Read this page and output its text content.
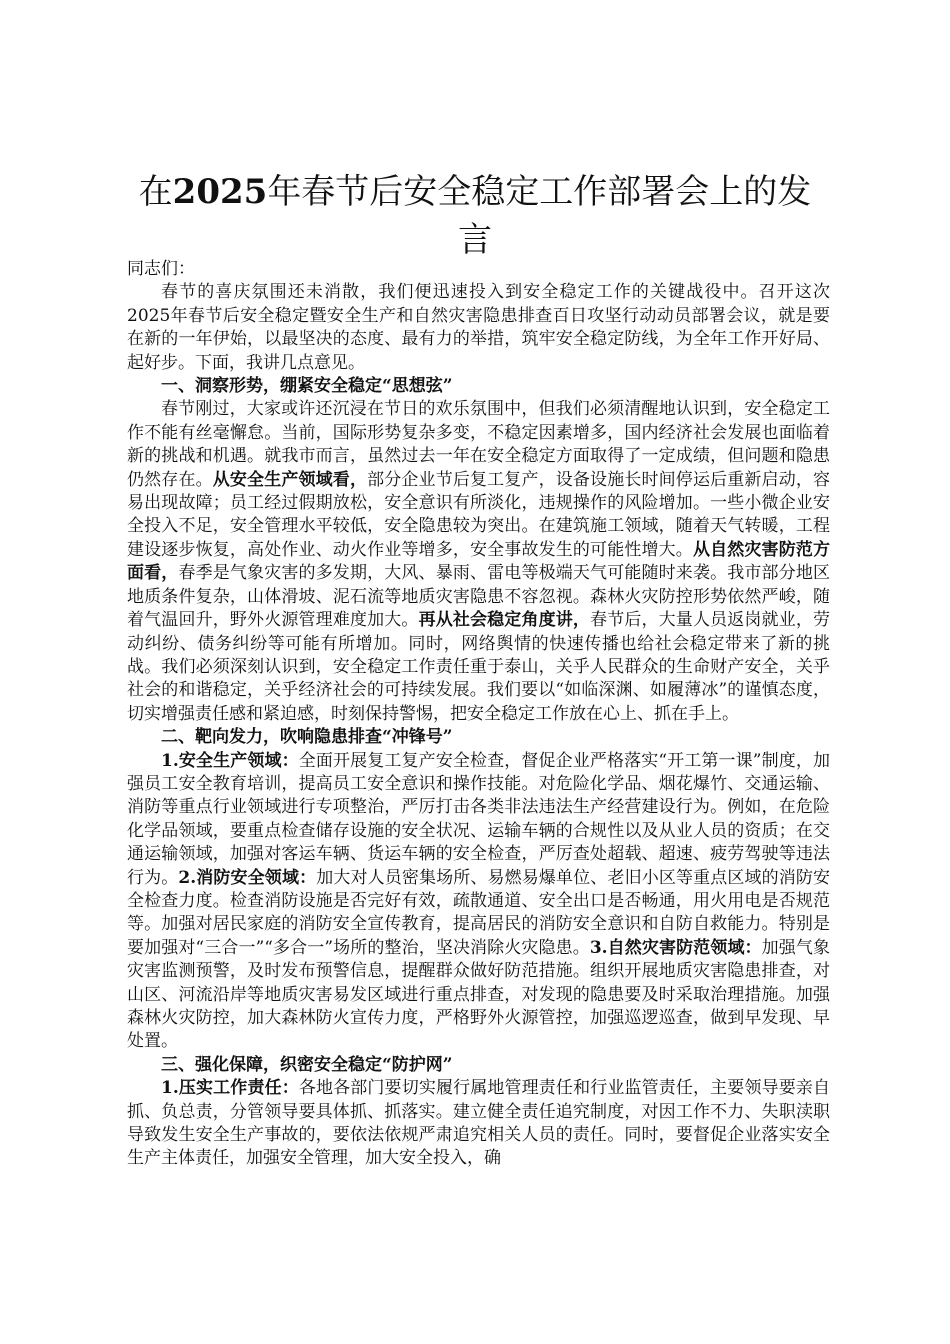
在2025年春节后安全稳定工作部署会上的发言

同志们：

春节的喜庆氛围还未消散，我们便迅速投入到安全稳定工作的关键战役中。召开这次2025年春节后安全稳定暨安全生产和自然灾害隐患排查百日攻坚行动动员部署会议，就是要在新的一年伊始，以最坚决的态度、最有力的举措，筑牢安全稳定防线，为全年工作开好局、起好步。下面，我讲几点意见。

一、洞察形势，绷紧安全稳定“思想弦”

春节刚过，大家或许还沉浸在节日的欢乐氛围中，但我们必须清醒地认识到，安全稳定工作不能有丝毫懈怠。当前，国际形势复杂多变，不稳定因素增多，国内经济社会发展也面临着新的挑战和机遇。就我市而言，虽然过去一年在安全稳定方面取得了一定成绩，但问题和隐患仍然存在。从安全生产领域看，部分企业节后复工复产，设备设施长时间停运后重新启动，容易出现故障；员工经过假期放松，安全意识有所淡化，违规操作的风险增加。一些小微企业安全投入不足，安全管理水平较低，安全隐患较为突出。在建筑施工领域，随着天气转暖，工程建设逐步恢复，高处作业、动火作业等增多，安全事故发生的可能性增大。从自然灾害防范方面看，春季是气象灾害的多发期，大风、暴雨、雷电等极端天气可能随时来袭。我市部分地区地质条件复杂，山体滑坡、泥石流等地质灾害隐患不容忽视。森林火灾防控形势依然严峻，随着气温回升，野外火源管理难度加大。再从社会稳定角度讲，春节后，大量人员返岗就业，劳动纠纷、债务纠纷等可能有所增加。同时，网络舆情的快速传播也给社会稳定带来了新的挑战。我们必须深刻认识到，安全稳定工作责任重于泰山，关乎人民群众的生命财产安全，关乎社会的和谐稳定，关乎经济社会的可持续发展。我们要以“如临深渊、如履薄冰”的谨慎态度，切实增强责任感和紧迫感，时刻保持警惕，把安全稳定工作放在心上、抓在手上。

二、靶向发力，吹响隐患排查“冲锋号”

1.安全生产领域：全面开展复工复产安全检查，督促企业严格落实“开工第一课”制度，加强员工安全教育培训，提高员工安全意识和操作技能。对危险化学品、烟花爆竹、交通运输、消防等重点行业领域进行专项整治，严厉打击各类非法违法生产经营建设行为。例如，在危险化学品领域，要重点检查储存设施的安全状况、运输车辆的合规性以及从业人员的资质；在交通运输领域，加强对客运车辆、货运车辆的安全检查，严厉查处超载、超速、疲劳驾驶等违法行为。2.消防安全领域：加大对人员密集场所、易燃易爆单位、老旧小区等重点区域的消防安全检查力度。检查消防设施是否完好有效，疏散通道、安全出口是否畅通，用火用电是否规范等。加强对居民家庭的消防安全宣传教育，提高居民的消防安全意识和自防自救能力。特别是要加强对“三合一”“多合一”场所的整治，坚决消除火灾隐患。3.自然灾害防范领域：加强气象灾害监测预警，及时发布预警信息，提醒群众做好防范措施。组织开展地质灾害隐患排查，对山区、河流沿岸等地质灾害易发区域进行重点排查，对发现的隐患要及时采取治理措施。加强森林火灾防控，加大森林防火宣传力度，严格野外火源管控，加强巡逻巡查，做到早发现、早处置。

三、强化保障，织密安全稳定“防护网”

1.压实工作责任：各地各部门要切实履行属地管理责任和行业监管责任，主要领导要亲自抓、负总责，分管领导要具体抓、抓落实。建立健全责任追究制度，对因工作不力、失职渎职导致发生安全生产事故的，要依法依规严肃追究相关人员的责任。同时，要督促企业落实安全生产主体责任，加强安全管理，加大安全投入，确
